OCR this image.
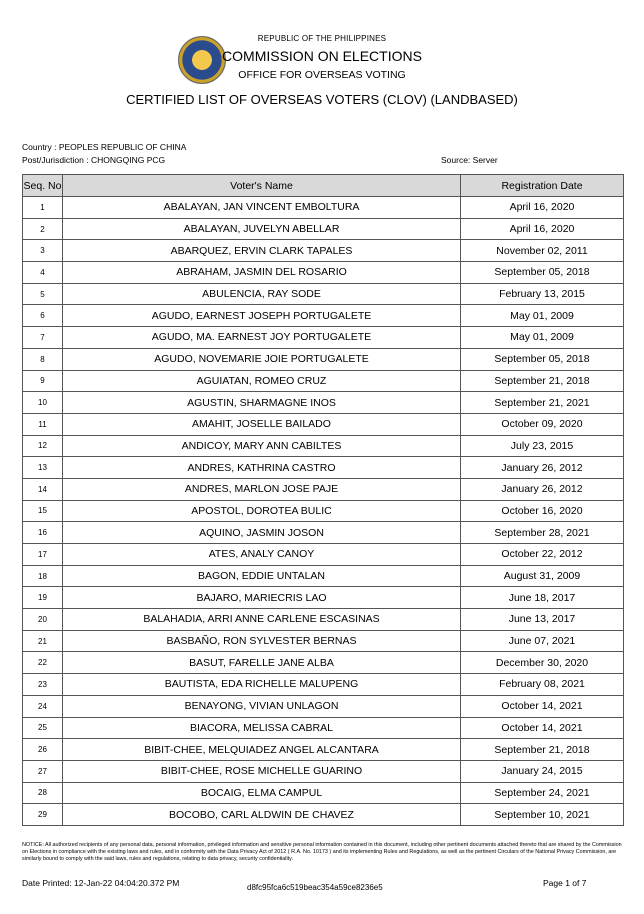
REPUBLIC OF THE PHILIPPINES
COMMISSION ON ELECTIONS
OFFICE FOR OVERSEAS VOTING
CERTIFIED LIST OF OVERSEAS VOTERS (CLOV) (LANDBASED)
Country : PEOPLES REPUBLIC OF CHINA
Post/Jurisdiction : CHONGQING PCG	Source: Server
Seq. No	Voter's Name	Registration Date
1	ABALAYAN, JAN VINCENT EMBOLTURA	April 16, 2020
2	ABALAYAN, JUVELYN ABELLAR	April 16, 2020
3	ABARQUEZ, ERVIN CLARK TAPALES	November 02, 2011
4	ABRAHAM, JASMIN DEL ROSARIO	September 05, 2018
5	ABULENCIA, RAY SODE	February 13, 2015
6	AGUDO, EARNEST JOSEPH PORTUGALETE	May 01, 2009
7	AGUDO, MA. EARNEST JOY PORTUGALETE	May 01, 2009
8	AGUDO, NOVEMARIE JOIE PORTUGALETE	September 05, 2018
9	AGUIATAN, ROMEO CRUZ	September 21, 2018
10	AGUSTIN, SHARMAGNE INOS	September 21, 2021
11	AMAHIT, JOSELLE BAILADO	October 09, 2020
12	ANDICOY, MARY ANN CABILTES	July 23, 2015
13	ANDRES, KATHRINA CASTRO	January 26, 2012
14	ANDRES, MARLON JOSE PAJE	January 26, 2012
15	APOSTOL, DOROTEA BULIC	October 16, 2020
16	AQUINO, JASMIN JOSON	September 28, 2021
17	ATES, ANALY CANOY	October 22, 2012
18	BAGON, EDDIE UNTALAN	August 31, 2009
19	BAJARO, MARIECRIS LAO	June 18, 2017
20	BALAHADIA, ARRI ANNE CARLENE ESCASINAS	June 13, 2017
21	BASBAÑO, RON SYLVESTER BERNAS	June 07, 2021
22	BASUT, FARELLE JANE ALBA	December 30, 2020
23	BAUTISTA, EDA RICHELLE MALUPENG	February 08, 2021
24	BENAYONG, VIVIAN UNLAGON	October 14, 2021
25	BIACORA, MELISSA CABRAL	October 14, 2021
26	BIBIT-CHEE, MELQUIADEZ ANGEL ALCANTARA	September 21, 2018
27	BIBIT-CHEE, ROSE MICHELLE GUARINO	January 24, 2015
28	BOCAIG, ELMA CAMPUL	September 24, 2021
29	BOCOBO, CARL ALDWIN DE CHAVEZ	September 10, 2021
NOTICE: All authorized recipients of any personal data, personal information, privileged information and sensitive personal information contained in this document, including other pertinent documents attached thereto that are shared by the Commission on Elections in compliance with the existing laws and rules, and in conformity with the Data Privacy Act of 2012 ( R.A. No. 10173 ) and its implementing Rules and Regulations, as well as the pertinent Circulars of the National Privacy Commission, are similarly bound to comply with the said laws, rules and regulations, relating to data privacy, security confidentiality.
Date Printed: 12-Jan-22 04:04:20.372 PM	d8fc95fca6c519beac354a59ce8236e5	Page 1 of 7
